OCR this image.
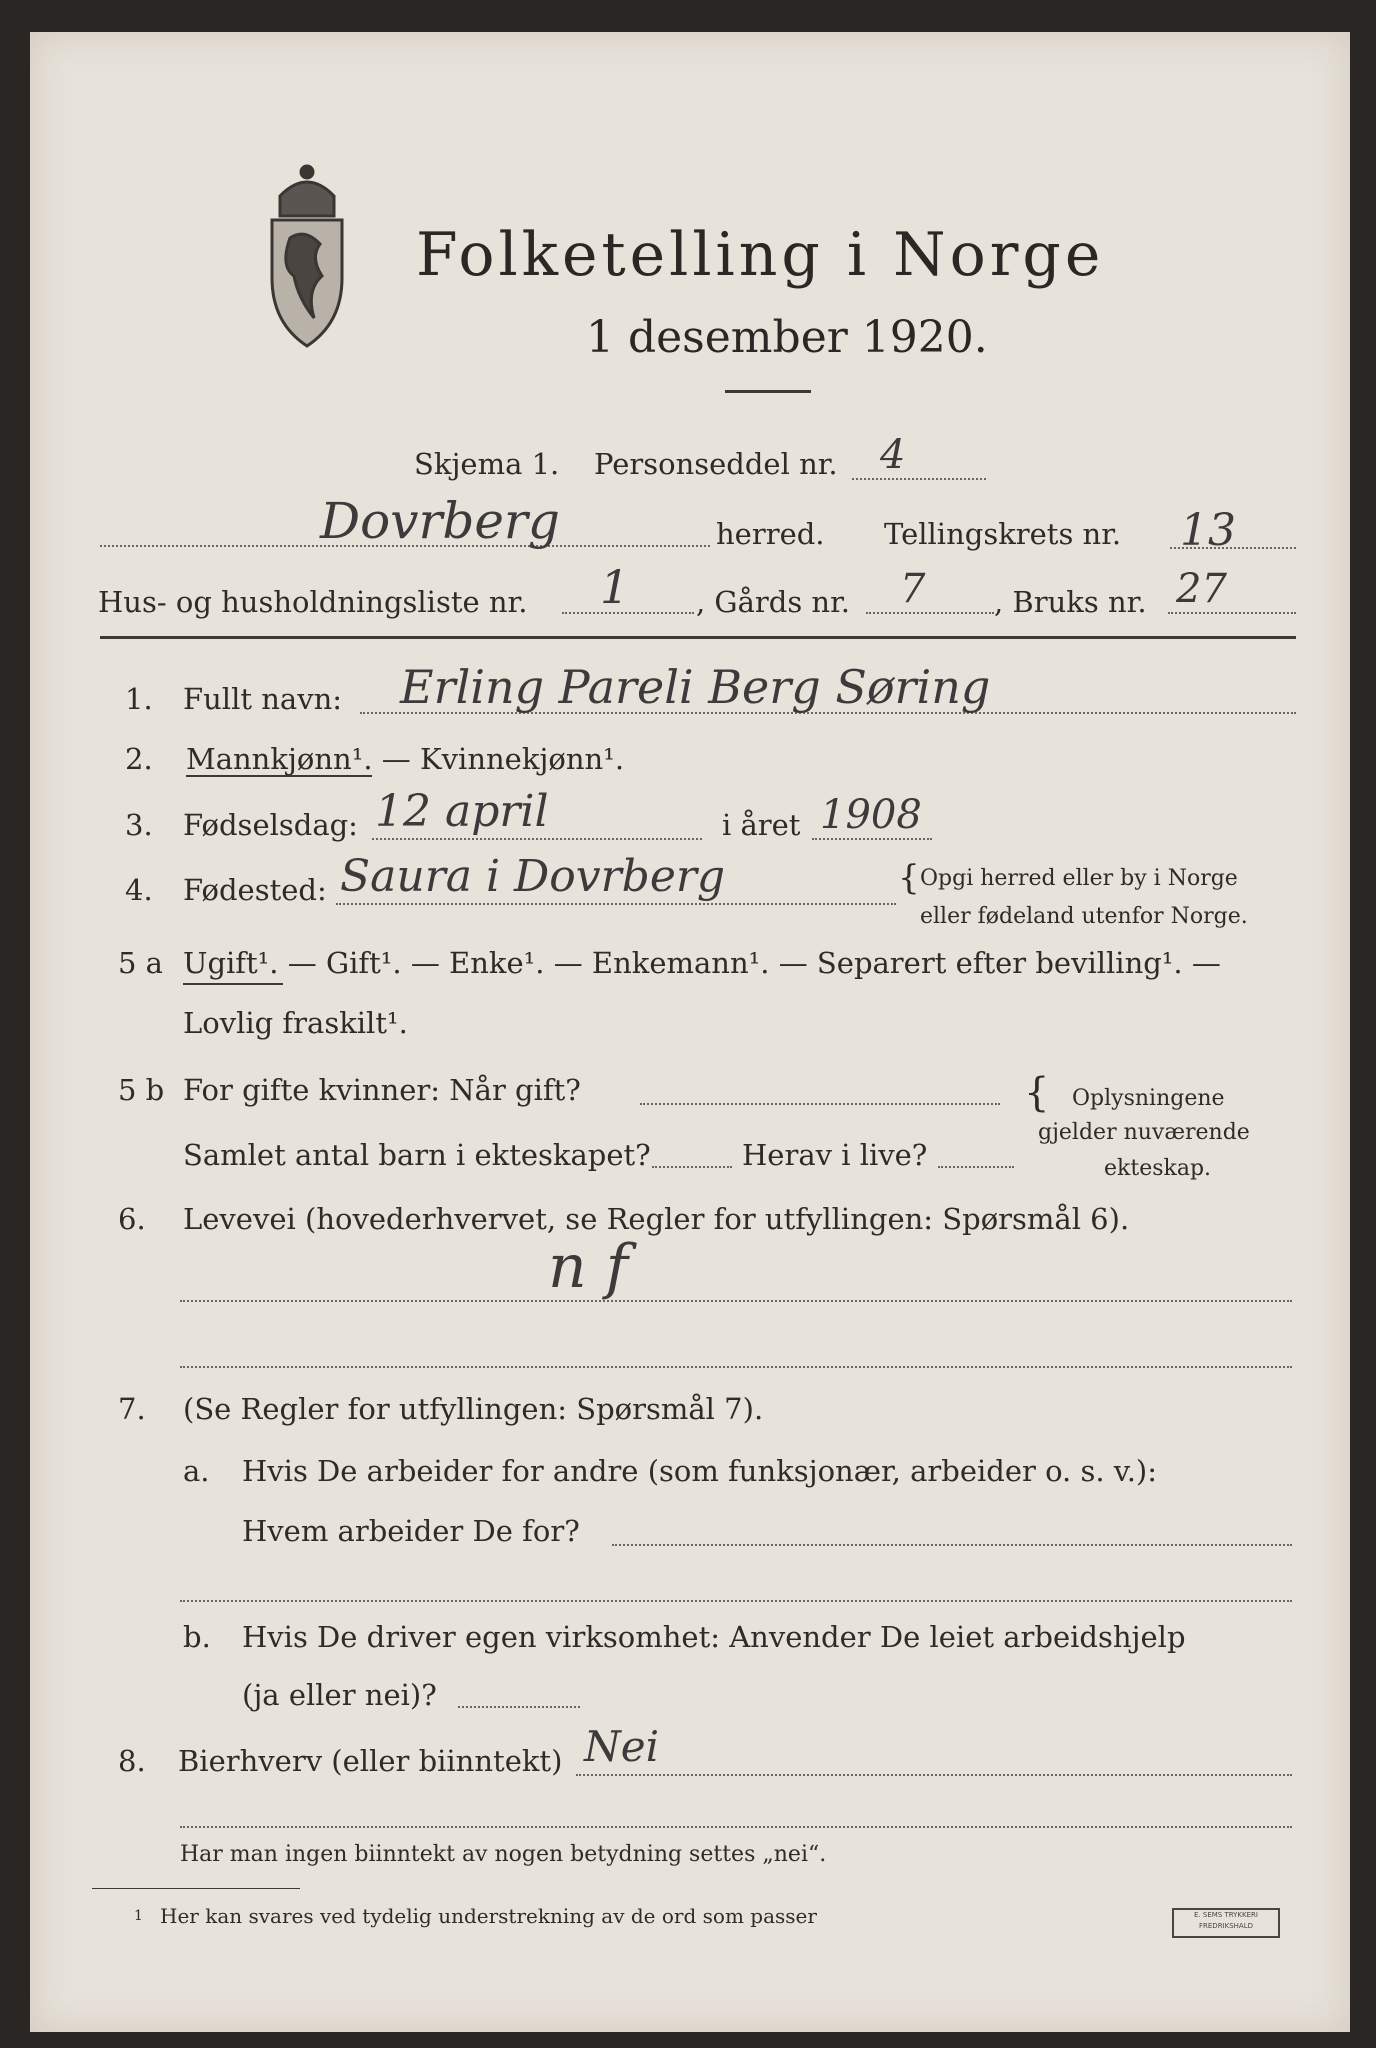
Folketelling i Norge
1 desember 1920.
Skjema 1. Personseddel nr. 4
Dovrberg	herred. Tellingskrets nr. 13
Hus- og husholdningsliste nr. 1 , Gårds nr. 7 , Bruks nr. 27
1. Fullt navn: Erling Pareli Berg Søring
2. Mannkjønn¹. — Kvinnekjønn¹.
3. Fødselsdag: 12 april	i året 1908
4. Fødested: Saura i Dovrberg	{ Opgi herred eller by i Norge
eller fødeland utenfor Norge.
5 a Ugift¹. — Gift¹. — Enke¹. — Enkemann¹. — Separert efter bevilling¹. —
Lovlig fraskilt¹.
5 b For gifte kvinner: Når gift?
Samlet antal barn i ekteskapet?	Herav i live?
{ Oplysningene
gjelder nuværende
ekteskap.
6. Levevei (hovederhvervet, se Regler for utfyllingen: Spørsmål 6).
n f
7. (Se Regler for utfyllingen: Spørsmål 7).
a. Hvis De arbeider for andre (som funksjonær, arbeider o. s. v.):
Hvem arbeider De for?
b. Hvis De driver egen virksomhet: Anvender De leiet arbeidshjelp
(ja eller nei)?
8. Bierhverv (eller biinntekt) Nei
Har man ingen biinntekt av nogen betydning settes „nei“.
1 Her kan svares ved tydelig understrekning av de ord som passer	E. SEMS TRYKKERI
FREDRIKSHALD
